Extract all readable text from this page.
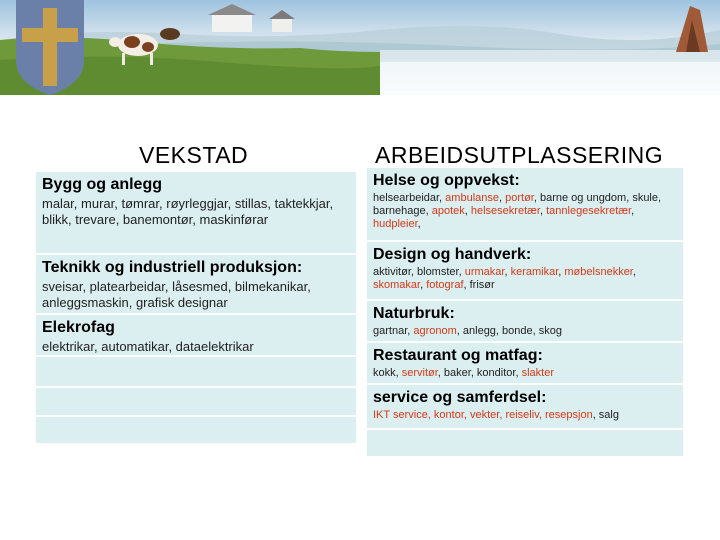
VEKSTAD	ARBEIDSUTPLASSERING
Bygg og anlegg
malar, murar, tømrar, røyrleggjar, stillas, taktekkjar, blikk, trevare, banemontør, maskinførar
Teknikk og industriell produksjon:
sveisar, platearbeidar, låsesmed, bilmekanikar, anleggsmaskin, grafisk designar
Elekrofag
elektrikar, automatikar, dataelektrikar
Helse og oppvekst:
helsearbeidar, ambulanse, portør, barne og ungdom, skule, barnehage, apotek, helsesekretær, tannlegesekretær, hudpleier,
Design og handverk:
aktivitør, blomster, urmakar, keramikar, møbelsnekker, skomakar, fotograf, frisør
Naturbruk:
gartnar, agronom, anlegg, bonde, skog
Restaurant og matfag:
kokk, servitør, baker, konditor, slakter
service og samferdsel:
IKT service, kontor, vekter, reiseliv, resepsjon, salg
